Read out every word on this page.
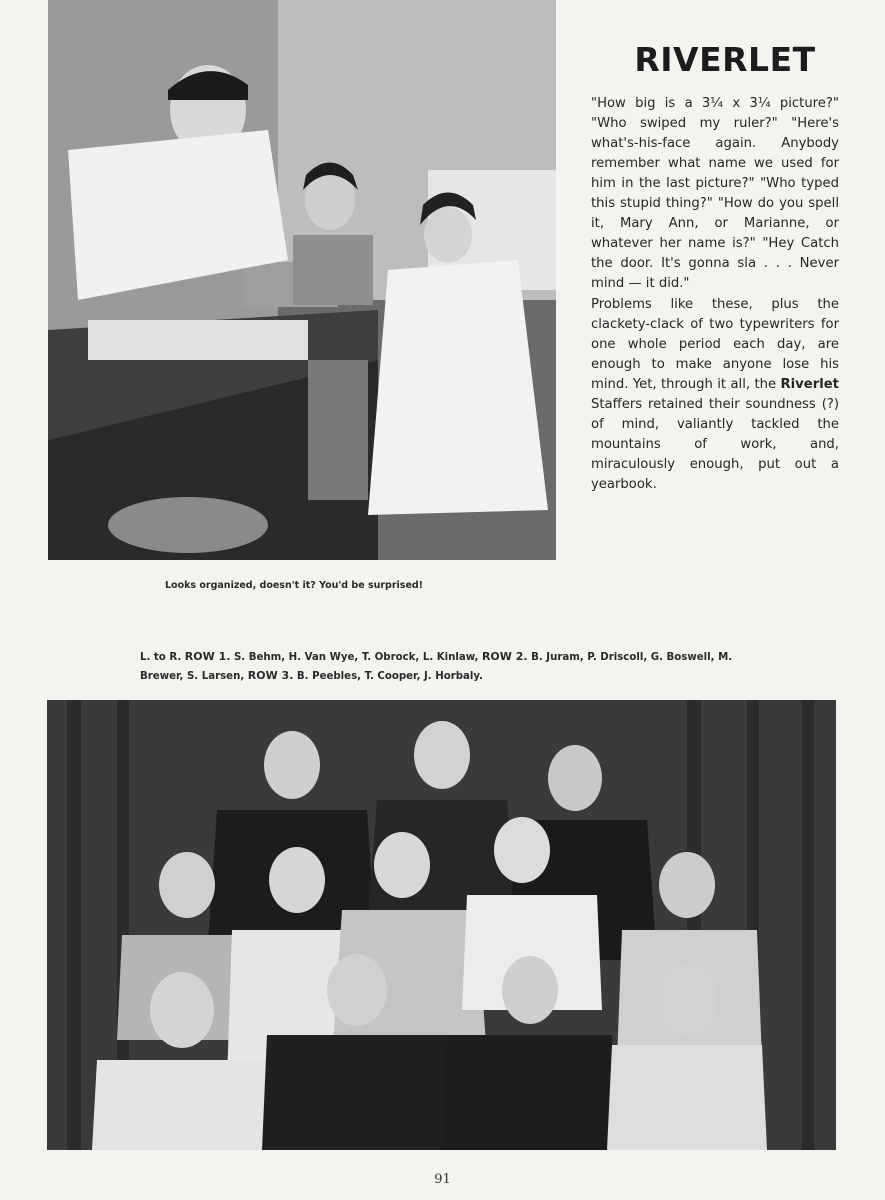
RIVERLET

"How big is a 3¼ x 3¼ picture?" "Who swiped my ruler?" "Here's what's-his-face again. Anybody remember what name we used for him in the last picture?" "Who typed this stupid thing?" "How do you spell it, Mary Ann, or Marianne, or whatever her name is?" "Hey Catch the door. It's gonna sla . . . Never mind — it did."

Problems like these, plus the clackety-clack of two typewriters for one whole period each day, are enough to make anyone lose his mind. Yet, through it all, the Riverlet Staffers retained their soundness (?) of mind, valiantly tackled the mountains of work, and, miraculously enough, put out a yearbook.

Looks organized, doesn't it? You'd be surprised!
L. to R. ROW 1. S. Behm, H. Van Wye, T. Obrock, L. Kinlaw, ROW 2. B. Juram, P. Driscoll, G. Boswell, M. Brewer, S. Larsen, ROW 3. B. Peebles, T. Cooper, J. Horbaly.
91
